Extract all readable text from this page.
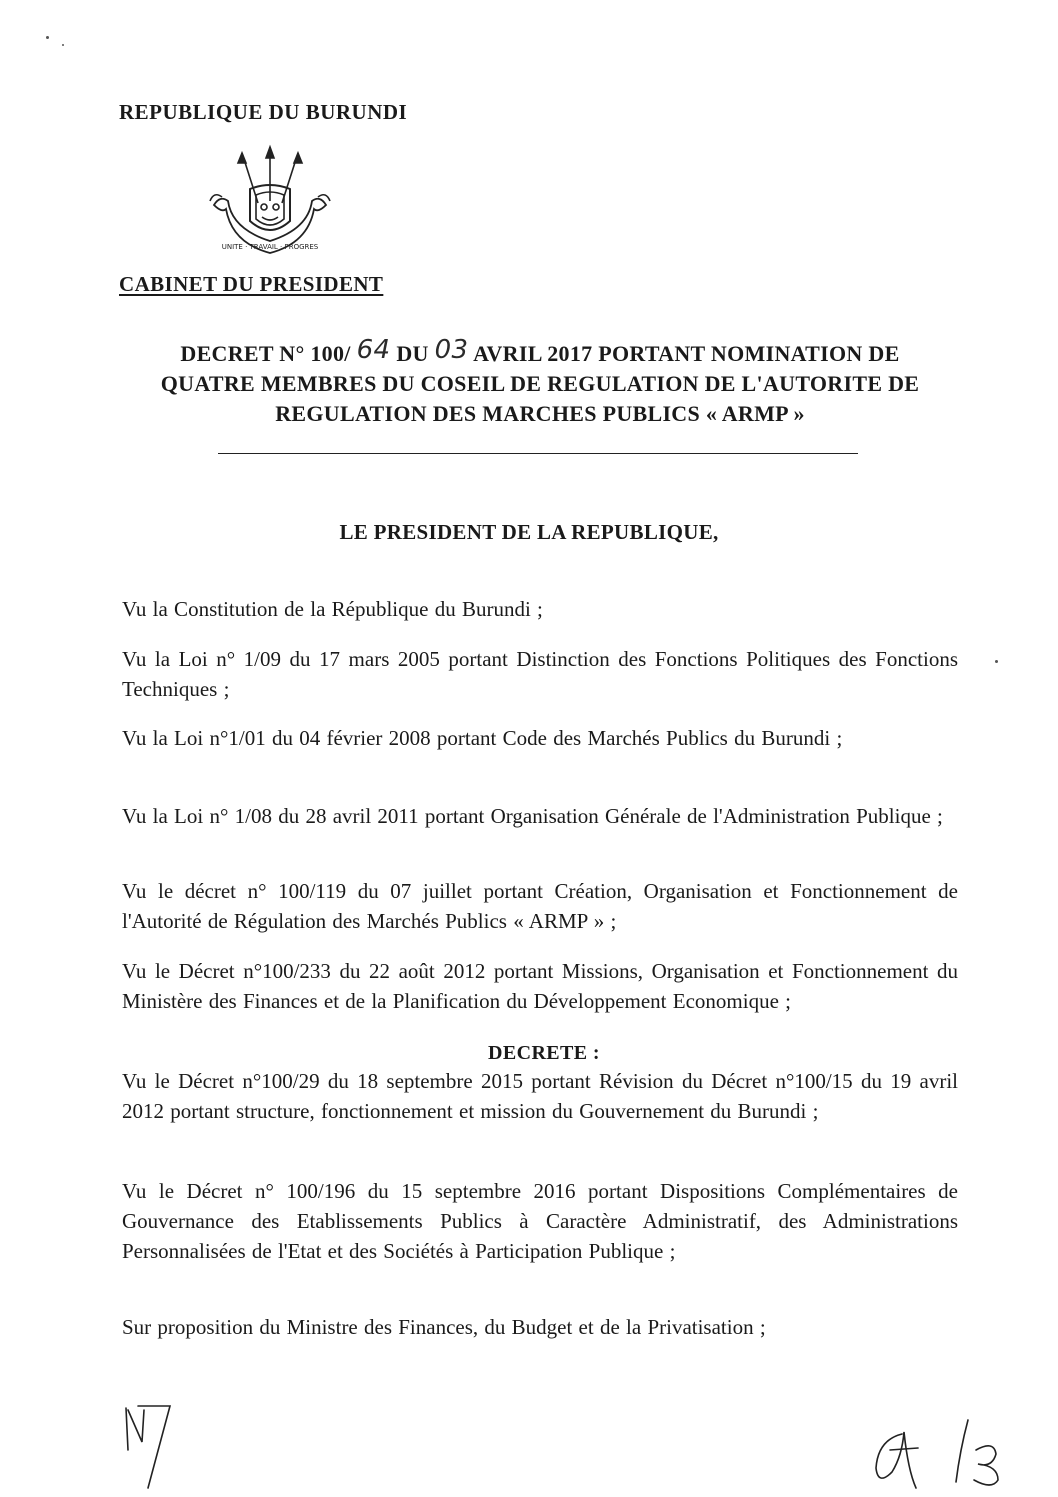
REPUBLIQUE DU BURUNDI
UNITE · TRAVAIL · PROGRES
CABINET DU PRESIDENT
DECRET N° 100/ 64 DU 03 AVRIL 2017 PORTANT NOMINATION DE
QUATRE MEMBRES DU COSEIL DE REGULATION DE L'AUTORITE DE
REGULATION DES MARCHES PUBLICS « ARMP »
LE PRESIDENT DE LA REPUBLIQUE,
Vu la Constitution de la République du Burundi ;
Vu la Loi n° 1/09 du 17 mars 2005 portant Distinction des Fonctions Politiques des Fonctions Techniques ;
Vu la Loi n°1/01 du 04 février 2008 portant Code des Marchés Publics du Burundi ;
Vu la Loi n° 1/08 du 28 avril 2011 portant Organisation Générale de l'Administration Publique ;
Vu le décret n° 100/119 du 07 juillet portant Création, Organisation et Fonctionnement de l'Autorité de Régulation des Marchés Publics « ARMP » ;
Vu le Décret n°100/233 du 22 août 2012 portant Missions, Organisation et Fonctionnement du Ministère des Finances et de la Planification du Développement Economique ;
Vu le Décret n°100/29 du 18 septembre 2015 portant Révision du Décret n°100/15 du 19 avril 2012 portant structure, fonctionnement et mission du Gouvernement du Burundi ;
Vu le Décret n° 100/196 du 15 septembre 2016 portant Dispositions Complémentaires de Gouvernance des Etablissements Publics à Caractère Administratif, des Administrations Personnalisées de l'Etat et des Sociétés à Participation Publique ;
Sur proposition du Ministre des Finances, du Budget et de la Privatisation ;
DECRETE :
